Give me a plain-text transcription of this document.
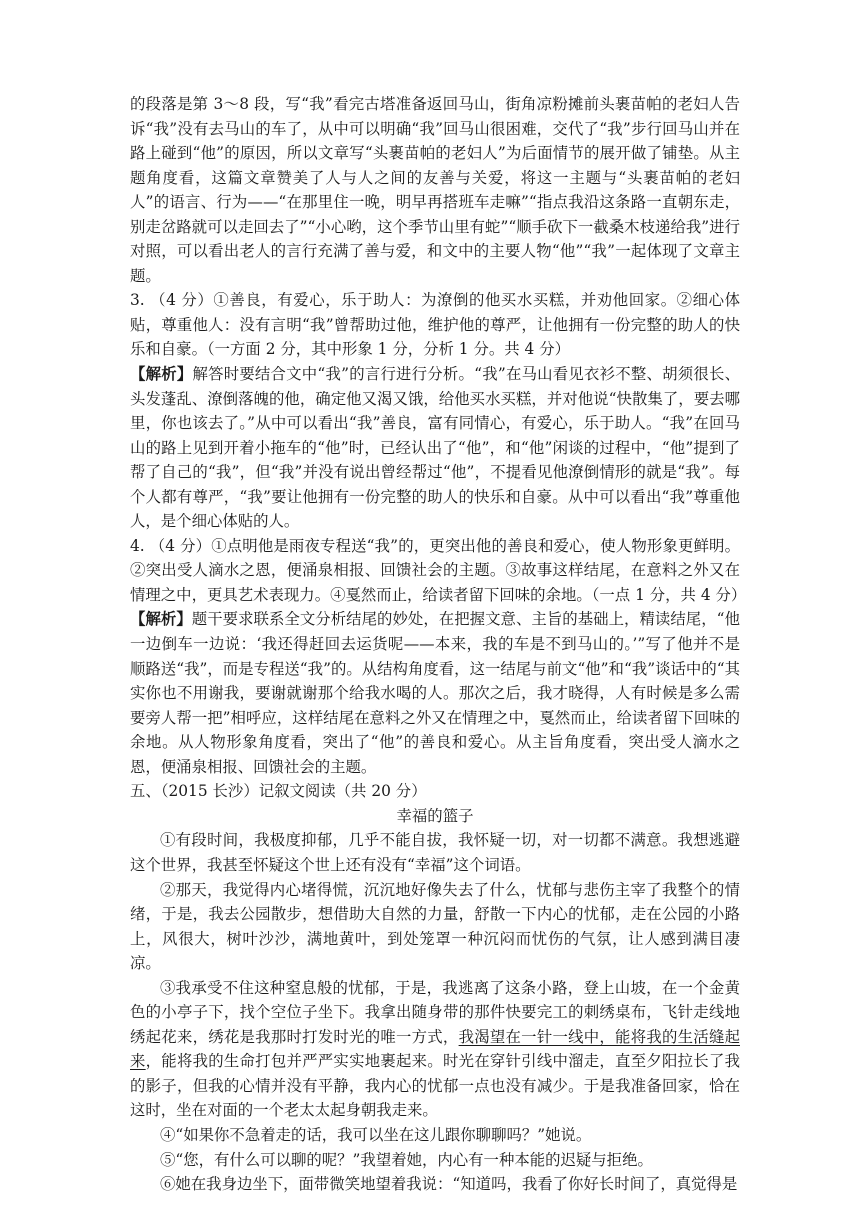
的段落是第 3～8 段，写“我”看完古塔准备返回马山，街角凉粉摊前头裹苗帕的老妇人告诉“我”没有去马山的车了，从中可以明确“我”回马山很困难，交代了“我”步行回马山并在路上碰到“他”的原因，所以文章写“头裹苗帕的老妇人”为后面情节的展开做了铺垫。从主题角度看，这篇文章赞美了人与人之间的友善与关爱，将这一主题与“头裹苗帕的老妇人”的语言、行为——“在那里住一晚，明早再搭班车走嘛”“指点我沿这条路一直朝东走，别走岔路就可以走回去了”“小心哟，这个季节山里有蛇”“顺手砍下一截桑木枝递给我”进行对照，可以看出老人的言行充满了善与爱，和文中的主要人物“他”“我”一起体现了文章主题。

3. （4 分）①善良，有爱心，乐于助人：为潦倒的他买水买糕，并劝他回家。②细心体贴，尊重他人：没有言明“我”曾帮助过他，维护他的尊严，让他拥有一份完整的助人的快乐和自豪。（一方面 2 分，其中形象 1 分，分析 1 分。共 4 分）

【解析】解答时要结合文中“我”的言行进行分析。“我”在马山看见衣衫不整、胡须很长、头发蓬乱、潦倒落魄的他，确定他又渴又饿，给他买水买糕，并对他说“快散集了，要去哪里，你也该去了。”从中可以看出“我”善良，富有同情心，有爱心，乐于助人。“我”在回马山的路上见到开着小拖车的“他”时，已经认出了“他”，和“他”闲谈的过程中，“他”提到了帮了自己的“我”，但“我”并没有说出曾经帮过“他”，不提看见他潦倒情形的就是“我”。每个人都有尊严，“我”要让他拥有一份完整的助人的快乐和自豪。从中可以看出“我”尊重他人，是个细心体贴的人。

4. （4 分）①点明他是雨夜专程送“我”的，更突出他的善良和爱心，使人物形象更鲜明。②突出受人滴水之恩，便涌泉相报、回馈社会的主题。③故事这样结尾，在意料之外又在情理之中，更具艺术表现力。④戛然而止，给读者留下回味的余地。（一点 1 分，共 4 分）

【解析】题干要求联系全文分析结尾的妙处，在把握文意、主旨的基础上，精读结尾，“他一边倒车一边说：‘我还得赶回去运货呢——本来，我的车是不到马山的。’”写了他并不是顺路送“我”，而是专程送“我”的。从结构角度看，这一结尾与前文“他”和“我”谈话中的“其实你也不用谢我，要谢就谢那个给我水喝的人。那次之后，我才晓得，人有时候是多么需要旁人帮一把”相呼应，这样结尾在意料之外又在情理之中，戛然而止，给读者留下回味的余地。从人物形象角度看，突出了“他”的善良和爱心。从主旨角度看，突出受人滴水之恩，便涌泉相报、回馈社会的主题。

五、（2015 长沙）记叙文阅读（共 20 分）

幸福的篮子

①有段时间，我极度抑郁，几乎不能自拔，我怀疑一切，对一切都不满意。我想逃避这个世界，我甚至怀疑这个世上还有没有“幸福”这个词语。

②那天，我觉得内心堵得慌，沉沉地好像失去了什么，忧郁与悲伤主宰了我整个的情绪，于是，我去公园散步，想借助大自然的力量，舒散一下内心的忧郁，走在公园的小路上，风很大，树叶沙沙，满地黄叶，到处笼罩一种沉闷而忧伤的气氛，让人感到满目凄凉。

③我承受不住这种窒息般的忧郁，于是，我逃离了这条小路，登上山坡，在一个金黄色的小亭子下，找个空位子坐下。我拿出随身带的那件快要完工的刺绣桌布，飞针走线地绣起花来，绣花是我那时打发时光的唯一方式，我渴望在一针一线中，能将我的生活缝起来，能将我的生命打包并严严实实地裹起来。时光在穿针引线中溜走，直至夕阳拉长了我的影子，但我的心情并没有平静，我内心的忧郁一点也没有减少。于是我准备回家，恰在这时，坐在对面的一个老太太起身朝我走来。

④“如果你不急着走的话，我可以坐在这儿跟你聊聊吗？”她说。

⑤“您，有什么可以聊的呢？”我望着她，内心有一种本能的迟疑与拒绝。

⑥她在我身边坐下，面带微笑地望着我说：“知道吗，我看了你好长时间了，真觉得是
